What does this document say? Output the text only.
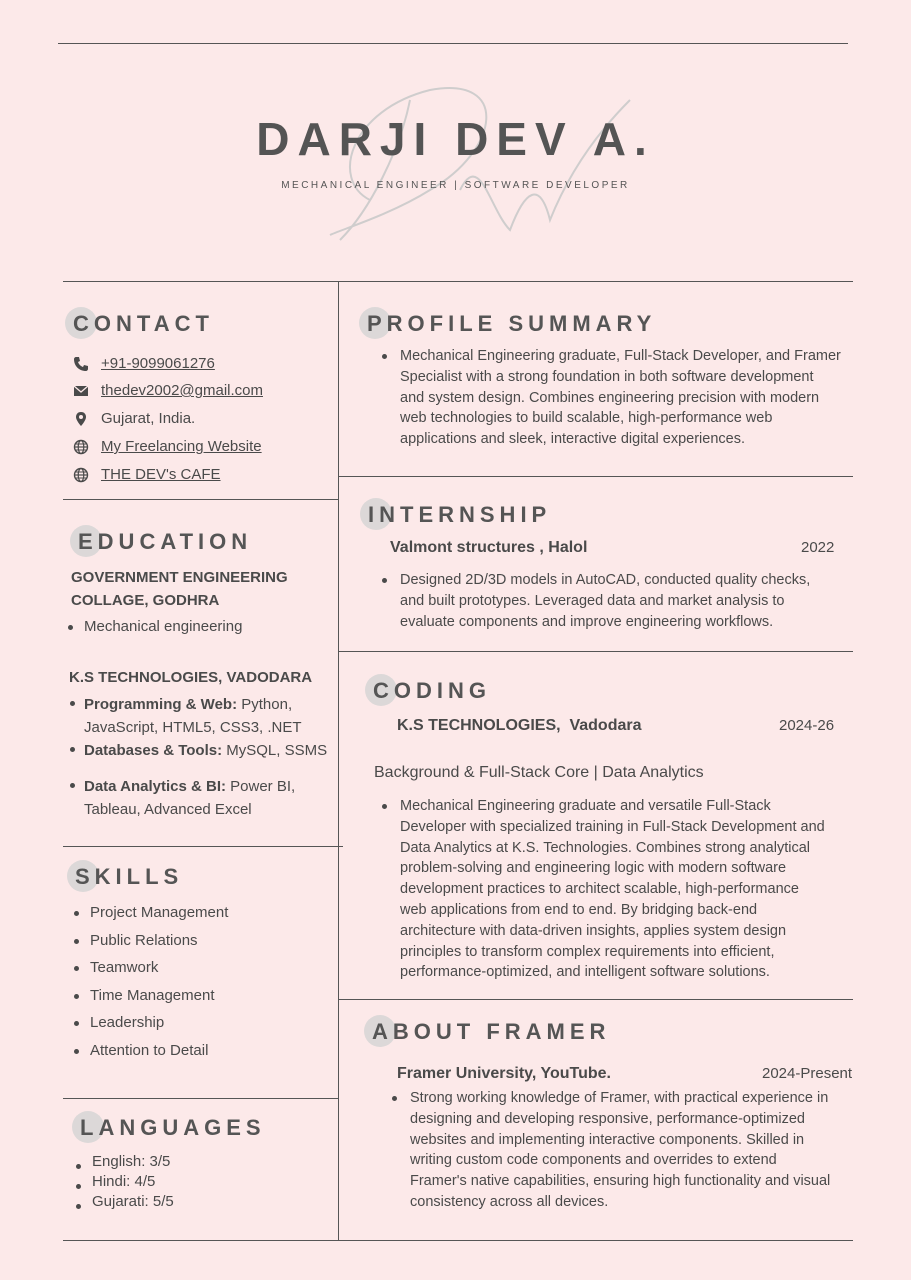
DARJI DEV A.
MECHANICAL ENGINEER | SOFTWARE DEVELOPER
CONTACT
+91-9099061276
thedev2002@gmail.com
Gujarat, India.
My Freelancing Website
THE DEV's CAFE
EDUCATION
GOVERNMENT ENGINEERING
COLLAGE, GODHRA
Mechanical engineering
K.S TECHNOLOGIES, VADODARA
Programming & Web: Python,
JavaScript, HTML5, CSS3, .NET
Databases & Tools: MySQL, SSMS
Data Analytics & BI: Power BI,
Tableau, Advanced Excel
SKILLS
Project Management
Public Relations
Teamwork
Time Management
Leadership
Attention to Detail
LANGUAGES
English: 3/5
Hindi: 4/5
Gujarati: 5/5
PROFILE SUMMARY
Mechanical Engineering graduate, Full-Stack Developer, and Framer
Specialist with a strong foundation in both software development
and system design. Combines engineering precision with modern
web technologies to build scalable, high-performance web
applications and sleek, interactive digital experiences.
INTERNSHIP
Valmont structures , Halol	2022
Designed 2D/3D models in AutoCAD, conducted quality checks,
and built prototypes. Leveraged data and market analysis to
evaluate components and improve engineering workflows.
CODING
K.S TECHNOLOGIES,  Vadodara	2024-26
Background & Full-Stack Core | Data Analytics
Mechanical Engineering graduate and versatile Full-Stack
Developer with specialized training in Full-Stack Development and
Data Analytics at K.S. Technologies. Combines strong analytical
problem-solving and engineering logic with modern software
development practices to architect scalable, high-performance
web applications from end to end. By bridging back-end
architecture with data-driven insights, applies system design
principles to transform complex requirements into efficient,
performance-optimized, and intelligent software solutions.
ABOUT FRAMER
Framer University, YouTube.	2024-Present
Strong working knowledge of Framer, with practical experience in
designing and developing responsive, performance-optimized
websites and implementing interactive components. Skilled in
writing custom code components and overrides to extend
Framer's native capabilities, ensuring high functionality and visual
consistency across all devices.
